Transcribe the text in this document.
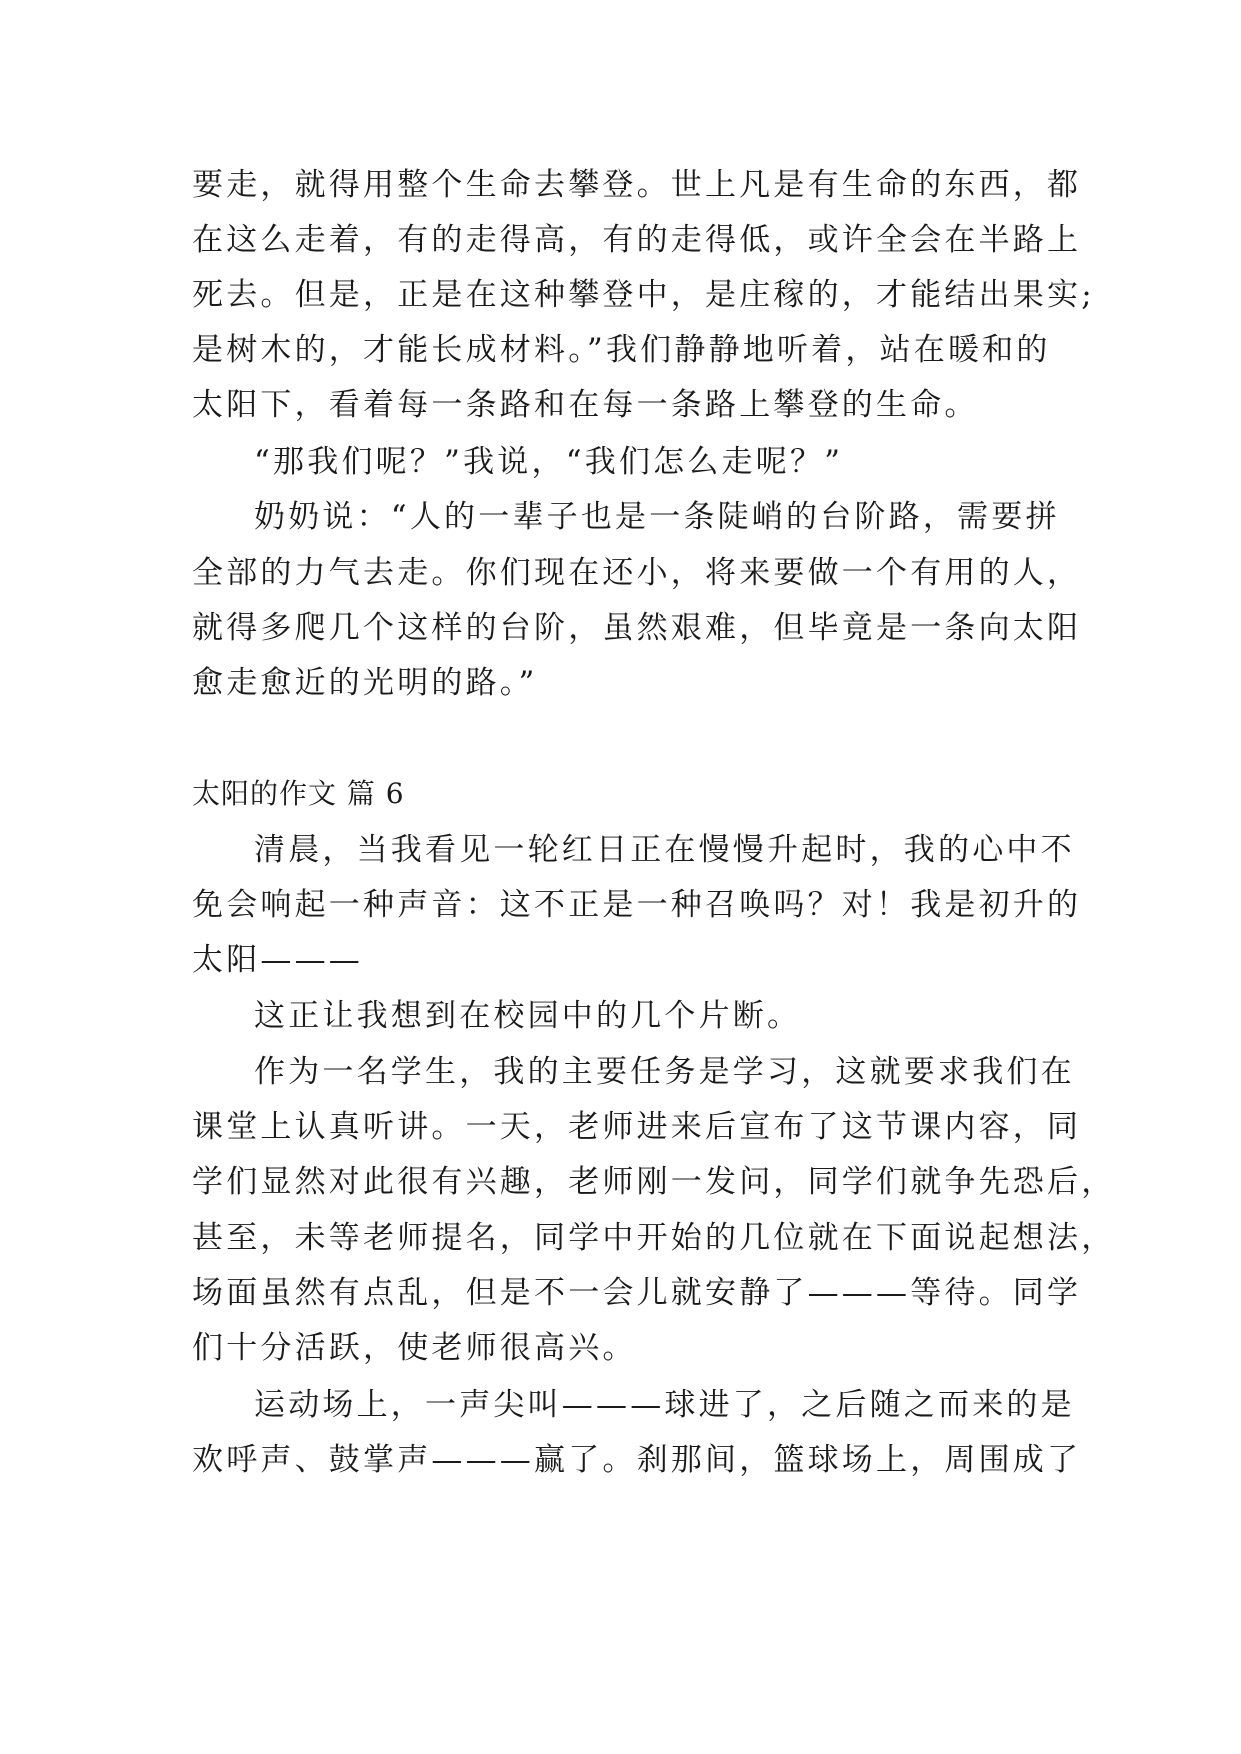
要走，就得用整个生命去攀登。世上凡是有生命的东西，都
在这么走着，有的走得高，有的走得低，或许全会在半路上
死去。但是，正是在这种攀登中，是庄稼的，才能结出果实;
是树木的，才能长成材料。”我们静静地听着，站在暖和的
太阳下，看着每一条路和在每一条路上攀登的生命。
“那我们呢？”我说，“我们怎么走呢？”
奶奶说：“人的一辈子也是一条陡峭的台阶路，需要拼
全部的力气去走。你们现在还小，将来要做一个有用的人，
就得多爬几个这样的台阶，虽然艰难，但毕竟是一条向太阳
愈走愈近的光明的路。”
太阳的作文 篇 6
清晨，当我看见一轮红日正在慢慢升起时，我的心中不
免会响起一种声音：这不正是一种召唤吗？对！我是初升的
太阳———
这正让我想到在校园中的几个片断。
作为一名学生，我的主要任务是学习，这就要求我们在
课堂上认真听讲。一天，老师进来后宣布了这节课内容，同
学们显然对此很有兴趣，老师刚一发问，同学们就争先恐后，
甚至，未等老师提名，同学中开始的几位就在下面说起想法，
场面虽然有点乱，但是不一会儿就安静了———等待。同学
们十分活跃，使老师很高兴。
运动场上，一声尖叫———球进了，之后随之而来的是
欢呼声、鼓掌声———赢了。刹那间，篮球场上，周围成了
